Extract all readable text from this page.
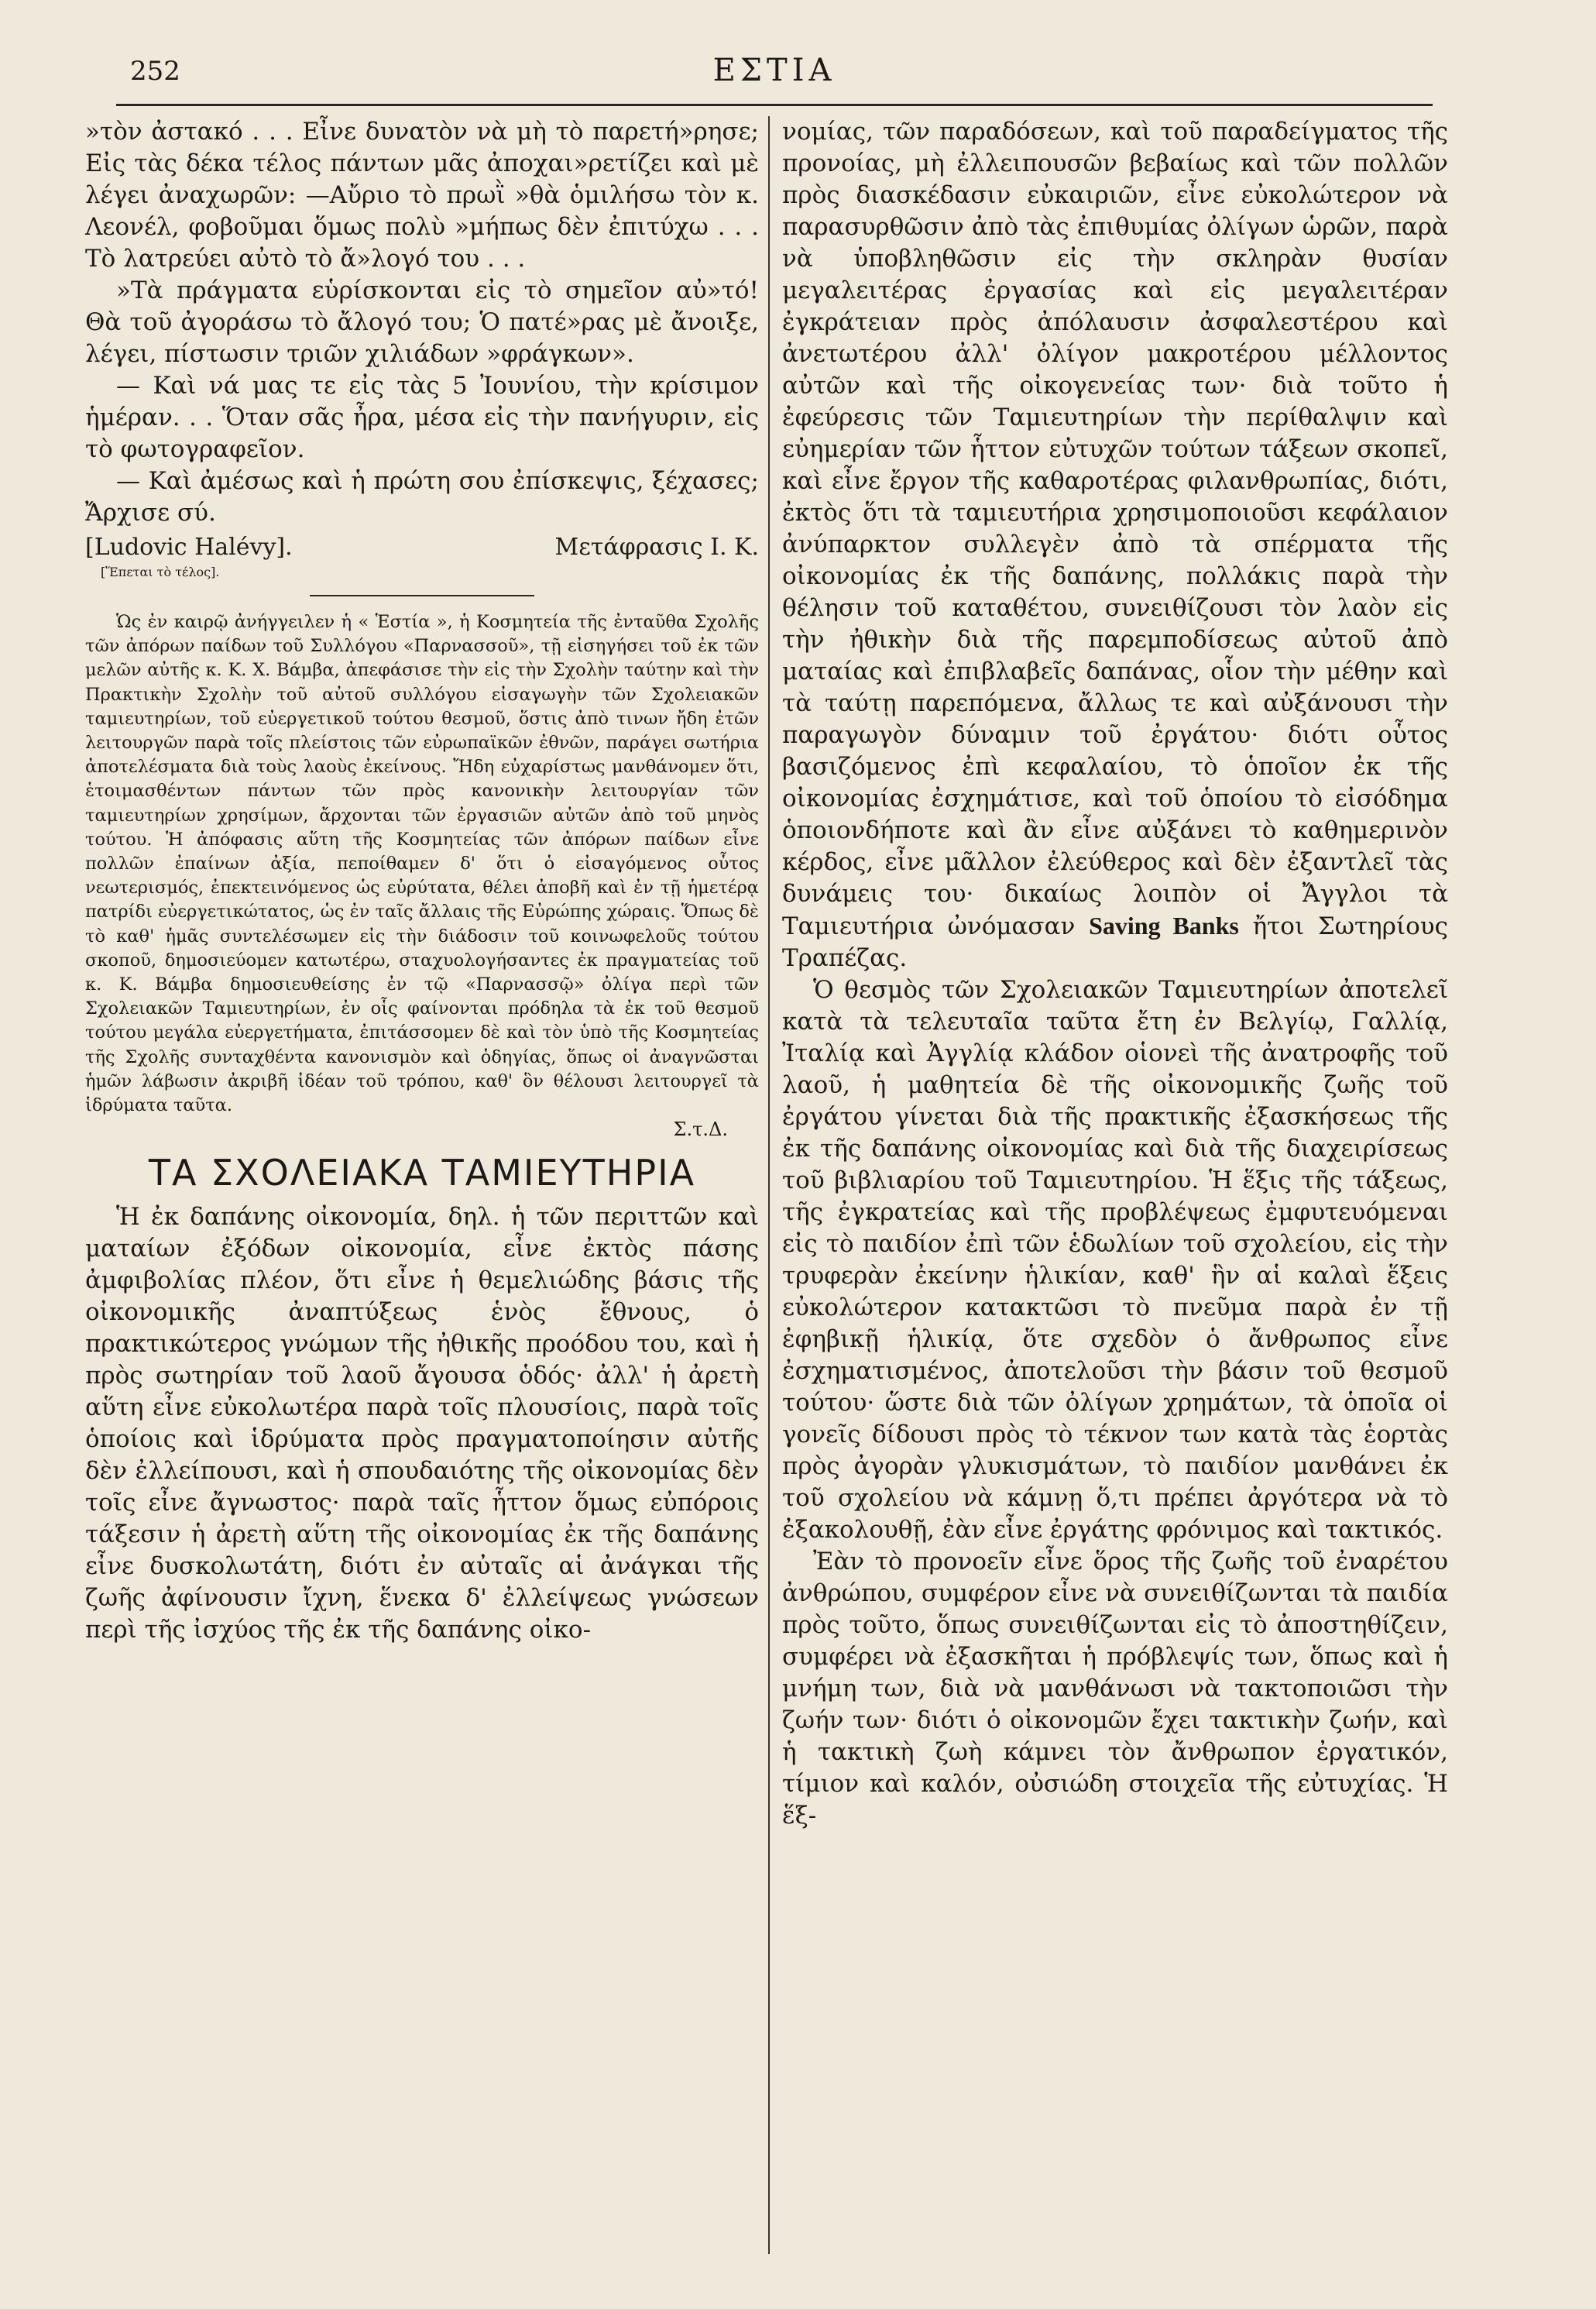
252	ΕΣΤΙΑ

»τὸν ἀστακό . . . Εἶνε δυνατὸν νὰ μὴ τὸ παρετή»ρησε; Εἰς τὰς δέκα τέλος πάντων μᾶς ἀποχαι»ρετίζει καὶ μὲ λέγει ἀναχωρῶν: —Αὔριο τὸ πρωῒ »θὰ ὁμιλήσω τὸν κ. Λεονέλ, φοβοῦμαι ὅμως πολὺ »μήπως δὲν ἐπιτύχω . . . Τὸ λατρεύει αὐτὸ τὸ ἄ»λογό του . . .

»Τὰ πράγματα εὑρίσκονται εἰς τὸ σημεῖον αὐ»τό! Θὰ τοῦ ἀγοράσω τὸ ἄλογό του; Ὁ πατέ»ρας μὲ ἄνοιξε, λέγει, πίστωσιν τριῶν χιλιάδων »φράγκων».

— Καὶ νά μας τε εἰς τὰς 5 Ἰουνίου, τὴν κρίσιμον ἡμέραν. . . Ὅταν σᾶς ἦρα, μέσα εἰς τὴν πανήγυριν, εἰς τὸ φωτογραφεῖον.

— Καὶ ἀμέσως καὶ ἡ πρώτη σου ἐπίσκεψις, ξέχασες; Ἄρχισε σύ.

[Ludovic Halévy].	Μετάφρασις Ι. Κ.
[Ἕπεται τὸ τέλος].

Ὡς ἐν καιρῷ ἀνήγγειλεν ἡ « Ἑστία », ἡ Κοσμητεία τῆς ἐνταῦθα Σχολῆς τῶν ἀπόρων παίδων τοῦ Συλλόγου «Παρνασσοῦ», τῇ εἰσηγήσει τοῦ ἐκ τῶν μελῶν αὐτῆς κ. Κ. Χ. Βάμβα, ἀπεφάσισε τὴν εἰς τὴν Σχολὴν ταύτην καὶ τὴν Πρακτικὴν Σχολὴν τοῦ αὐτοῦ συλλόγου εἰσαγωγὴν τῶν Σχολειακῶν ταμιευτηρίων, τοῦ εὐεργετικοῦ τούτου θεσμοῦ, ὅστις ἀπὸ τινων ἤδη ἐτῶν λειτουργῶν παρὰ τοῖς πλείστοις τῶν εὐρωπαϊκῶν ἐθνῶν, παράγει σωτήρια ἀποτελέσματα διὰ τοὺς λαοὺς ἐκείνους. Ἤδη εὐχαρίστως μανθάνομεν ὅτι, ἑτοιμασθέντων πάντων τῶν πρὸς κανονικὴν λειτουργίαν τῶν ταμιευτηρίων χρησίμων, ἄρχονται τῶν ἐργασιῶν αὐτῶν ἀπὸ τοῦ μηνὸς τούτου. Ἡ ἀπόφασις αὕτη τῆς Κοσμητείας τῶν ἀπόρων παίδων εἶνε πολλῶν ἐπαίνων ἀξία, πεποίθαμεν δ' ὅτι ὁ εἰσαγόμενος οὗτος νεωτερισμός, ἐπεκτεινόμενος ὡς εὐρύτατα, θέλει ἀποβῆ καὶ ἐν τῇ ἡμετέρᾳ πατρίδι εὐεργετικώτατος, ὡς ἐν ταῖς ἄλλαις τῆς Εὐρώπης χώραις. Ὅπως δὲ τὸ καθ' ἡμᾶς συντελέσωμεν εἰς τὴν διάδοσιν τοῦ κοινωφελοῦς τούτου σκοποῦ, δημοσιεύομεν κατωτέρω, σταχυολογήσαντες ἐκ πραγματείας τοῦ κ. Κ. Βάμβα δημοσιευθείσης ἐν τῷ «Παρνασσῷ» ὀλίγα περὶ τῶν Σχολειακῶν Ταμιευτηρίων, ἐν οἷς φαίνονται πρόδηλα τὰ ἐκ τοῦ θεσμοῦ τούτου μεγάλα εὐεργετήματα, ἐπιτάσσομεν δὲ καὶ τὸν ὑπὸ τῆς Κοσμητείας τῆς Σχολῆς συνταχθέντα κανονισμὸν καὶ ὁδηγίας, ὅπως οἱ ἀναγνῶσται ἡμῶν λάβωσιν ἀκριβῆ ἰδέαν τοῦ τρόπου, καθ' ὃν θέλουσι λειτουργεῖ τὰ ἱδρύματα ταῦτα.

Σ.τ.Δ.
ΤΑ ΣΧΟΛΕΙΑΚΑ ΤΑΜΙΕΥΤΗΡΙΑ

Ἡ ἐκ δαπάνης οἰκονομία, δηλ. ἡ τῶν περιττῶν καὶ ματαίων ἐξόδων οἰκονομία, εἶνε ἐκτὸς πάσης ἀμφιβολίας πλέον, ὅτι εἶνε ἡ θεμελιώδης βάσις τῆς οἰκονομικῆς ἀναπτύξεως ἑνὸς ἔθνους, ὁ πρακτικώτερος γνώμων τῆς ἠθικῆς προόδου του, καὶ ἡ πρὸς σωτηρίαν τοῦ λαοῦ ἄγουσα ὁδός· ἀλλ' ἡ ἀρετὴ αὕτη εἶνε εὐκολωτέρα παρὰ τοῖς πλουσίοις, παρὰ τοῖς ὁποίοις καὶ ἱδρύματα πρὸς πραγματοποίησιν αὐτῆς δὲν ἐλλείπουσι, καὶ ἡ σπουδαιότης τῆς οἰκονομίας δὲν τοῖς εἶνε ἄγνωστος· παρὰ ταῖς ἧττον ὅμως εὐπόροις τάξεσιν ἡ ἀρετὴ αὕτη τῆς οἰκονομίας ἐκ τῆς δαπάνης εἶνε δυσκολωτάτη, διότι ἐν αὐταῖς αἱ ἀνάγκαι τῆς ζωῆς ἀφίνουσιν ἴχνη, ἕνεκα δ' ἐλλείψεως γνώσεων περὶ τῆς ἰσχύος τῆς ἐκ τῆς δαπάνης οἰκο-

νομίας, τῶν παραδόσεων, καὶ τοῦ παραδείγματος τῆς προνοίας, μὴ ἐλλειπουσῶν βεβαίως καὶ τῶν πολλῶν πρὸς διασκέδασιν εὐκαιριῶν, εἶνε εὐκολώτερον νὰ παρασυρθῶσιν ἀπὸ τὰς ἐπιθυμίας ὀλίγων ὡρῶν, παρὰ νὰ ὑποβληθῶσιν εἰς τὴν σκληρὰν θυσίαν μεγαλειτέρας ἐργασίας καὶ εἰς μεγαλειτέραν ἐγκράτειαν πρὸς ἀπόλαυσιν ἀσφαλεστέρου καὶ ἀνετωτέρου ἀλλ' ὀλίγον μακροτέρου μέλλοντος αὐτῶν καὶ τῆς οἰκογενείας των· διὰ τοῦτο ἡ ἐφεύρεσις τῶν Ταμιευτηρίων τὴν περίθαλψιν καὶ εὐημερίαν τῶν ἧττον εὐτυχῶν τούτων τάξεων σκοπεῖ, καὶ εἶνε ἔργον τῆς καθαροτέρας φιλανθρωπίας, διότι, ἐκτὸς ὅτι τὰ ταμιευτήρια χρησιμοποιοῦσι κεφάλαιον ἀνύπαρκτον συλλεγὲν ἀπὸ τὰ σπέρματα τῆς οἰκονομίας ἐκ τῆς δαπάνης, πολλάκις παρὰ τὴν θέλησιν τοῦ καταθέτου, συνειθίζουσι τὸν λαὸν εἰς τὴν ἠθικὴν διὰ τῆς παρεμποδίσεως αὐτοῦ ἀπὸ ματαίας καὶ ἐπιβλαβεῖς δαπάνας, οἷον τὴν μέθην καὶ τὰ ταύτῃ παρεπόμενα, ἄλλως τε καὶ αὐξάνουσι τὴν παραγωγὸν δύναμιν τοῦ ἐργάτου· διότι οὗτος βασιζόμενος ἐπὶ κεφαλαίου, τὸ ὁποῖον ἐκ τῆς οἰκονομίας ἐσχημάτισε, καὶ τοῦ ὁποίου τὸ εἰσόδημα ὁποιονδήποτε καὶ ἂν εἶνε αὐξάνει τὸ καθημερινὸν κέρδος, εἶνε μᾶλλον ἐλεύθερος καὶ δὲν ἐξαντλεῖ τὰς δυνάμεις του· δικαίως λοιπὸν οἱ Ἄγγλοι τὰ Ταμιευτήρια ὠνόμασαν Saving Banks ἤτοι Σωτηρίους Τραπέζας.

Ὁ θεσμὸς τῶν Σχολειακῶν Ταμιευτηρίων ἀποτελεῖ κατὰ τὰ τελευταῖα ταῦτα ἔτη ἐν Βελγίῳ, Γαλλίᾳ, Ἰταλίᾳ καὶ Ἀγγλίᾳ κλάδον οἱονεὶ τῆς ἀνατροφῆς τοῦ λαοῦ, ἡ μαθητεία δὲ τῆς οἰκονομικῆς ζωῆς τοῦ ἐργάτου γίνεται διὰ τῆς πρακτικῆς ἐξασκήσεως τῆς ἐκ τῆς δαπάνης οἰκονομίας καὶ διὰ τῆς διαχειρίσεως τοῦ βιβλιαρίου τοῦ Ταμιευτηρίου. Ἡ ἕξις τῆς τάξεως, τῆς ἐγκρατείας καὶ τῆς προβλέψεως ἐμφυτευόμεναι εἰς τὸ παιδίον ἐπὶ τῶν ἑδωλίων τοῦ σχολείου, εἰς τὴν τρυφερὰν ἐκείνην ἡλικίαν, καθ' ἣν αἱ καλαὶ ἕξεις εὐκολώτερον κατακτῶσι τὸ πνεῦμα παρὰ ἐν τῇ ἐφηβικῇ ἡλικίᾳ, ὅτε σχεδὸν ὁ ἄνθρωπος εἶνε ἐσχηματισμένος, ἀποτελοῦσι τὴν βάσιν τοῦ θεσμοῦ τούτου· ὥστε διὰ τῶν ὀλίγων χρημάτων, τὰ ὁποῖα οἱ γονεῖς δίδουσι πρὸς τὸ τέκνον των κατὰ τὰς ἑορτὰς πρὸς ἀγορὰν γλυκισμάτων, τὸ παιδίον μανθάνει ἐκ τοῦ σχολείου νὰ κάμνῃ ὅ,τι πρέπει ἀργότερα νὰ τὸ ἐξακολουθῇ, ἐὰν εἶνε ἐργάτης φρόνιμος καὶ τακτικός.

Ἐὰν τὸ προνοεῖν εἶνε ὅρος τῆς ζωῆς τοῦ ἐναρέτου ἀνθρώπου, συμφέρον εἶνε νὰ συνειθίζωνται τὰ παιδία πρὸς τοῦτο, ὅπως συνειθίζωνται εἰς τὸ ἀποστηθίζειν, συμφέρει νὰ ἐξασκῆται ἡ πρόβλεψίς των, ὅπως καὶ ἡ μνήμη των, διὰ νὰ μανθάνωσι νὰ τακτοποιῶσι τὴν ζωήν των· διότι ὁ οἰκονομῶν ἔχει τακτικὴν ζωήν, καὶ ἡ τακτικὴ ζωὴ κάμνει τὸν ἄνθρωπον ἐργατικόν, τίμιον καὶ καλόν, οὐσιώδη στοιχεῖα τῆς εὐτυχίας. Ἡ ἕξ-
